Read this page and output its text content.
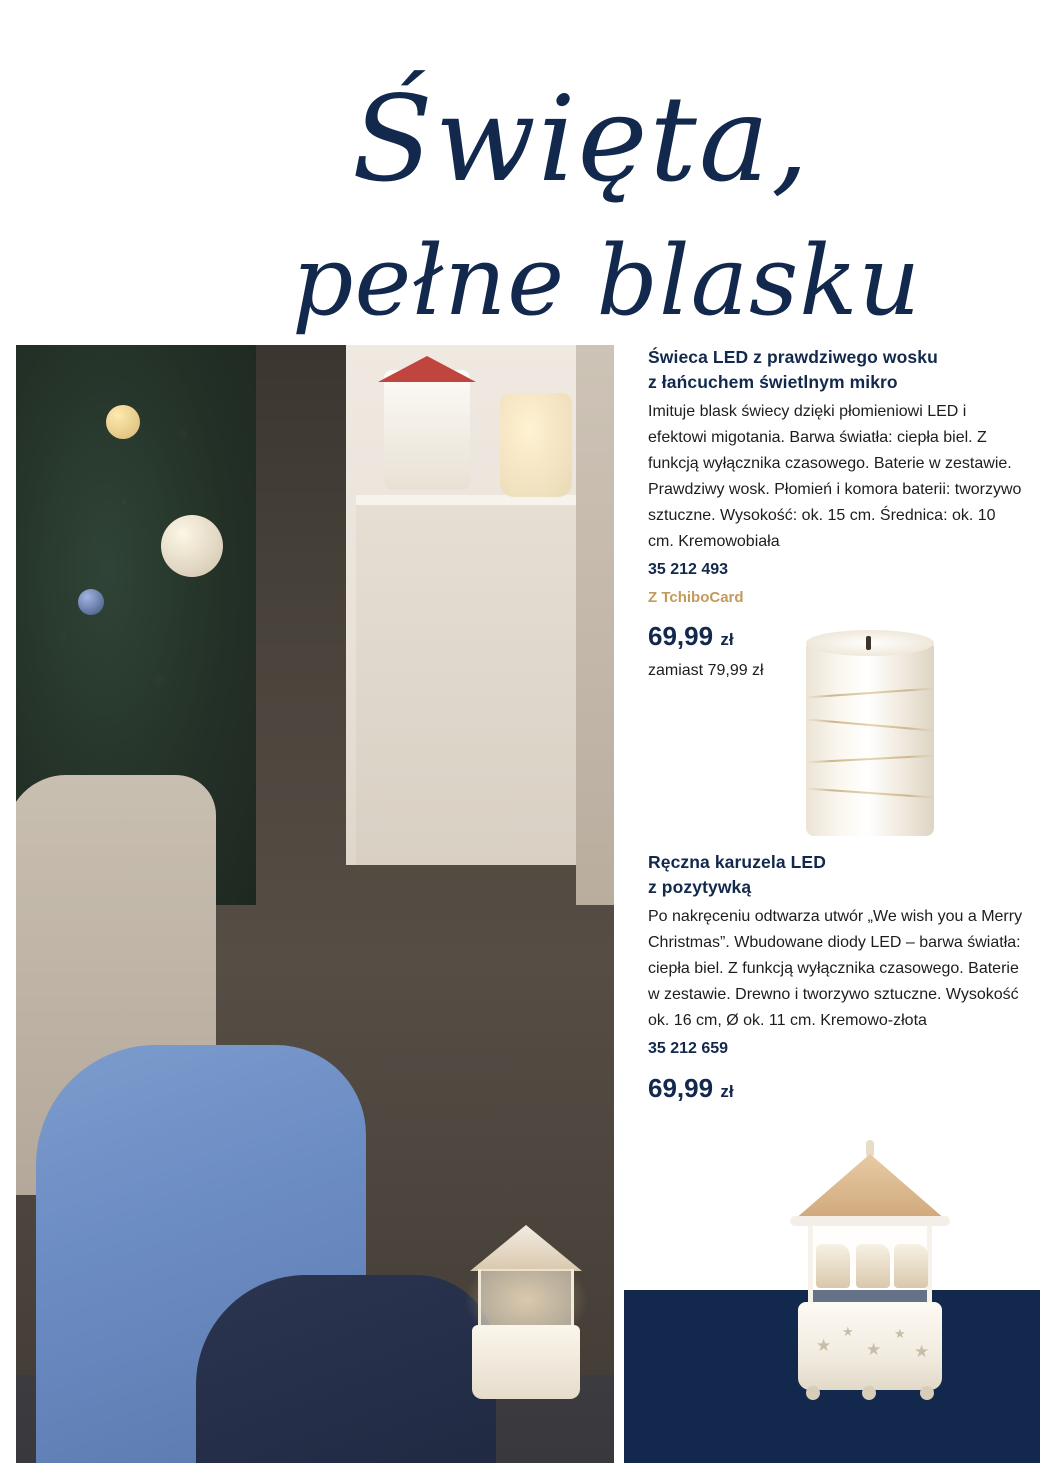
Święta,
pełne blasku
Świeca LED z prawdziwego wosku
z łańcuchem świetlnym mikro

Imituje blask świecy dzięki płomieniowi LED i efektowi migotania. Barwa światła: ciepła biel. Z funkcją wyłącznika czasowego. Baterie w zestawie. Prawdziwy wosk. Płomień i komora baterii: tworzywo sztuczne. Wysokość: ok. 15 cm. Średnica: ok. 10 cm. Kremowobiała

35 212 493
Z TchiboCard
69,99 zł
zamiast 79,99 zł
Ręczna karuzela LED
z pozytywką

Po nakręceniu odtwarza utwór „We wish you a Merry Christmas”. Wbudowane diody LED – barwa światła: ciepła biel. Z funkcją wyłącznika czasowego. Baterie w zestawie. Drewno i tworzywo sztuczne. Wysokość ok. 16 cm, Ø ok. 11 cm. Kremowo-złota

35 212 659
69,99 zł
★
★
★
★
★
